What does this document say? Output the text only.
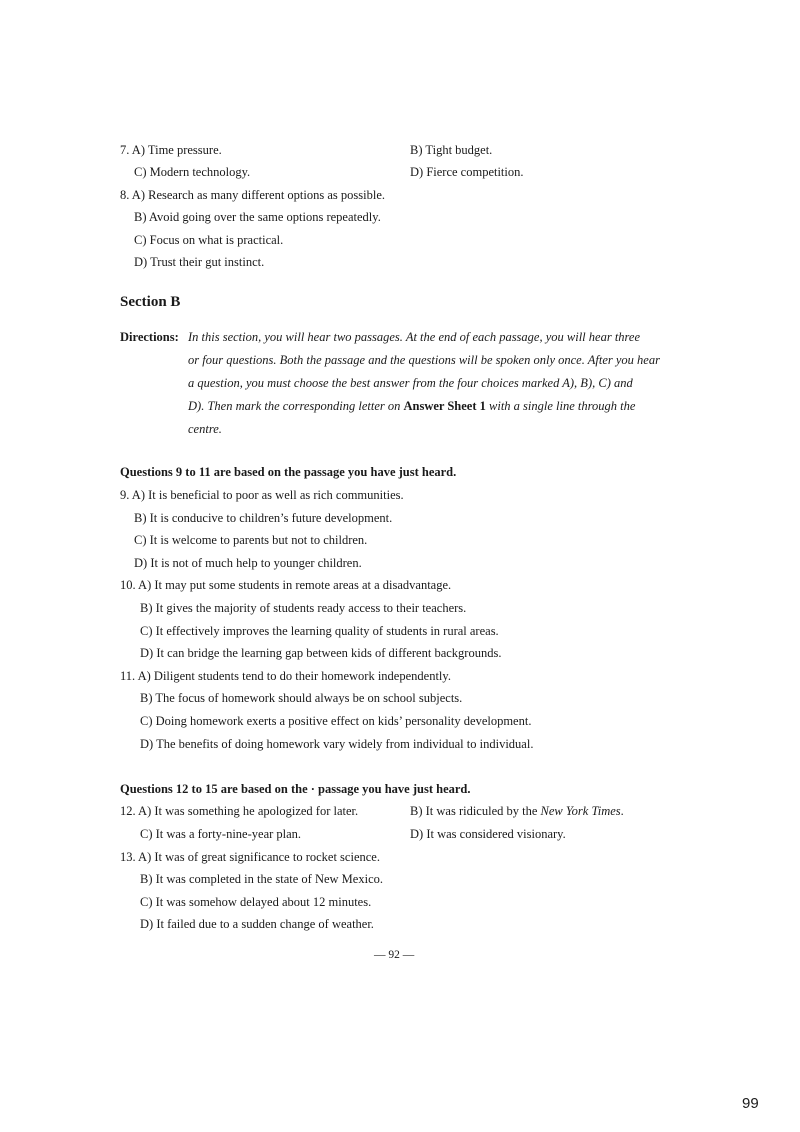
7. A) Time pressure.	B) Tight budget.
C) Modern technology.	D) Fierce competition.
8. A) Research as many different options as possible.
B) Avoid going over the same options repeatedly.
C) Focus on what is practical.
D) Trust their gut instinct.
Section B
Directions: In this section, you will hear two passages. At the end of each passage, you will hear three
or four questions. Both the passage and the questions will be spoken only once. After you hear
a question, you must choose the best answer from the four choices marked A), B), C) and
D). Then mark the corresponding letter on Answer Sheet 1 with a single line through the
centre.
Questions 9 to 11 are based on the passage you have just heard.
9. A) It is beneficial to poor as well as rich communities.
B) It is conducive to children’s future development.
C) It is welcome to parents but not to children.
D) It is not of much help to younger children.
10. A) It may put some students in remote areas at a disadvantage.
B) It gives the majority of students ready access to their teachers.
C) It effectively improves the learning quality of students in rural areas.
D) It can bridge the learning gap between kids of different backgrounds.
11. A) Diligent students tend to do their homework independently.
B) The focus of homework should always be on school subjects.
C) Doing homework exerts a positive effect on kids’ personality development.
D) The benefits of doing homework vary widely from individual to individual.
Questions 12 to 15 are based on the · passage you have just heard.
12. A) It was something he apologized for later.	B) It was ridiculed by the New York Times.
C) It was a forty-nine-year plan.	D) It was considered visionary.
13. A) It was of great significance to rocket science.
B) It was completed in the state of New Mexico.
C) It was somehow delayed about 12 minutes.
D) It failed due to a sudden change of weather.
— 92 —
99
